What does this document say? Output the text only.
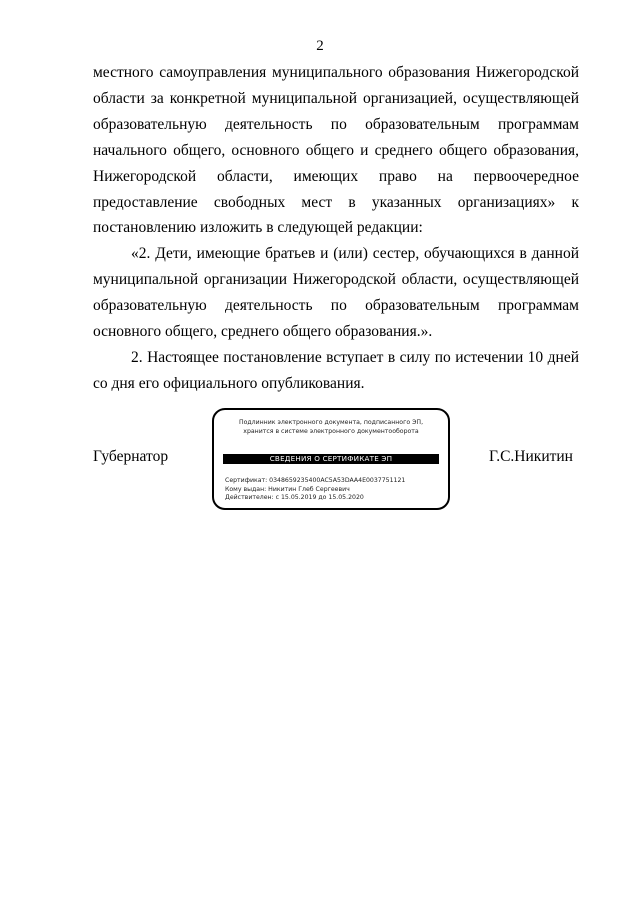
2

местного самоуправления муниципального образования Нижегородской области за конкретной муниципальной организацией, осуществляющей образовательную деятельность по образовательным программам начального общего, основного общего и среднего общего образования, Нижегородской области, имеющих право на первоочередное предоставление свободных мест в указанных организациях» к постановлению изложить в следующей редакции:

«2. Дети, имеющие братьев и (или) сестер, обучающихся в данной муниципальной организации Нижегородской области, осуществляющей образовательную деятельность по образовательным программам основного общего, среднего общего образования.».

2. Настоящее постановление вступает в силу по истечении 10 дней со дня его официального опубликования.

Губернатор
Подлинник электронного документа, подписанного ЭП,
хранится в системе электронного документооборота
СВЕДЕНИЯ О СЕРТИФИКАТЕ ЭП
Сертификат: 0348659235400AC5A53DAA4E0037751121
Кому выдан: Никитин Глеб Сергеевич
Действителен: с 15.05.2019 до 15.05.2020
Г.С.Никитин
